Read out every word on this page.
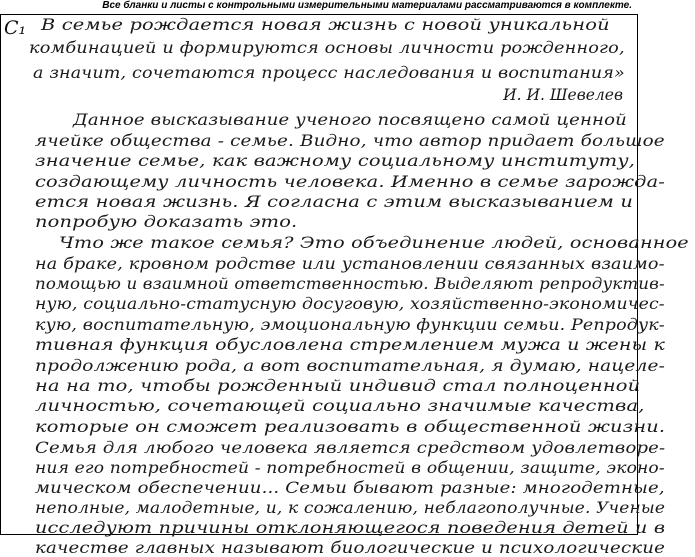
Все бланки и листы с контрольными измерительными материалами рассматриваются в комплекте.
C₁ В семье рождается новая жизнь с новой уникальной
комбинацией и формируются основы личности рожденного,
а значит, сочетаются процесс наследования и воспитания»
И. И. Шевелев
Данное высказывание ученого посвящено самой ценной
ячейке общества - семье. Видно, что автор придает большое
значение семье, как важному социальному институту,
создающему личность человека. Именно в семье зарожда-
ется новая жизнь. Я согласна с этим высказыванием и
попробую доказать это.
Что же такое семья? Это объединение людей, основанное
на браке, кровном родстве или установлении связанных взаимо-
помощью и взаимной ответственностью. Выделяют репродуктив-
ную, социально-статусную досуговую, хозяйственно-экономичес-
кую, воспитательную, эмоциональную функции семьи. Репродук-
тивная функция обусловлена стремлением мужа и жены к
продолжению рода, а вот воспитательная, я думаю, нацеле-
на на то, чтобы рожденный индивид стал полноценной
личностью, сочетающей социально значимые качества,
которые он сможет реализовать в общественной жизни.
Семья для любого человека является средством удовлетворе-
ния его потребностей - потребностей в общении, защите, эконо-
мическом обеспечении... Семьи бывают разные: многодетные,
неполные, малодетные, и, к сожалению, неблагополучные. Ученые
исследуют причины отклоняющегося поведения детей и в
качестве главных называют биологические и психологические
